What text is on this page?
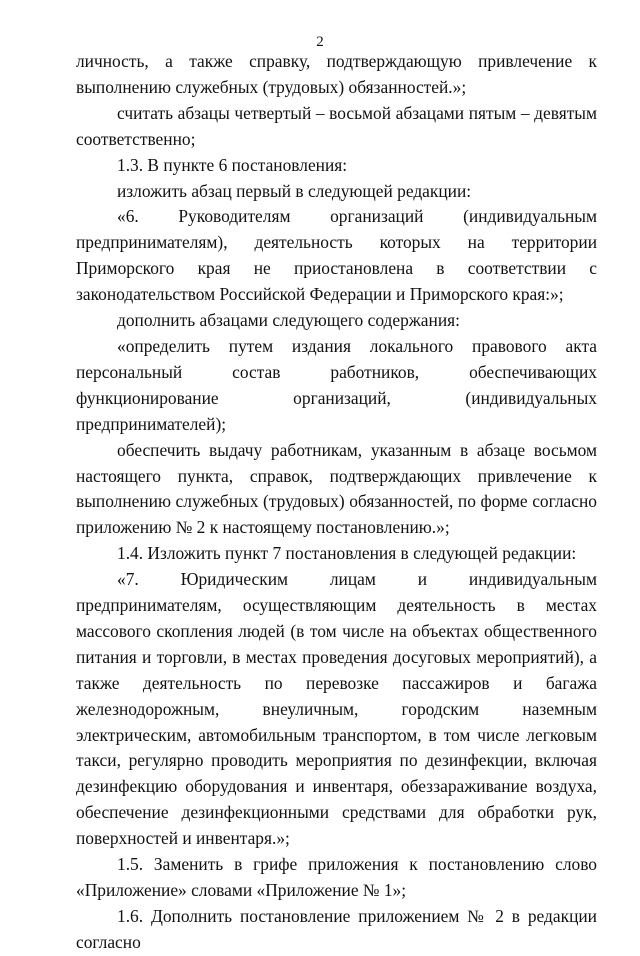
2

личность, а также справку, подтверждающую привлечение к выполнению служебных (трудовых) обязанностей.»;

считать абзацы четвертый – восьмой абзацами пятым – девятым соответственно;

1.3. В пункте 6 постановления:

изложить абзац первый в следующей редакции:

«6. Руководителям организаций (индивидуальным предпринимателям), деятельность которых на территории Приморского края не приостановлена в соответствии с законодательством Российской Федерации и Приморского края:»;

дополнить абзацами следующего содержания:

«определить путем издания локального правового акта персональный состав работников, обеспечивающих функционирование организаций, (индивидуальных предпринимателей);

обеспечить выдачу работникам, указанным в абзаце восьмом настоящего пункта, справок, подтверждающих привлечение к выполнению служебных (трудовых) обязанностей, по форме согласно приложению № 2 к настоящему постановлению.»;

1.4. Изложить пункт 7 постановления в следующей редакции:

«7. Юридическим лицам и индивидуальным предпринимателям, осуществляющим деятельность в местах массового скопления людей (в том числе на объектах общественного питания и торговли, в местах проведения досуговых мероприятий), а также деятельность по перевозке пассажиров и багажа железнодорожным, внеуличным, городским наземным электрическим, автомобильным транспортом, в том числе легковым такси, регулярно проводить мероприятия по дезинфекции, включая дезинфекцию оборудования и инвентаря, обеззараживание воздуха, обеспечение дезинфекционными средствами для обработки рук, поверхностей и инвентаря.»;

1.5. Заменить в грифе приложения к постановлению слово «Приложение» словами «Приложение № 1»;

1.6. Дополнить постановление приложением № 2 в редакции согласно
